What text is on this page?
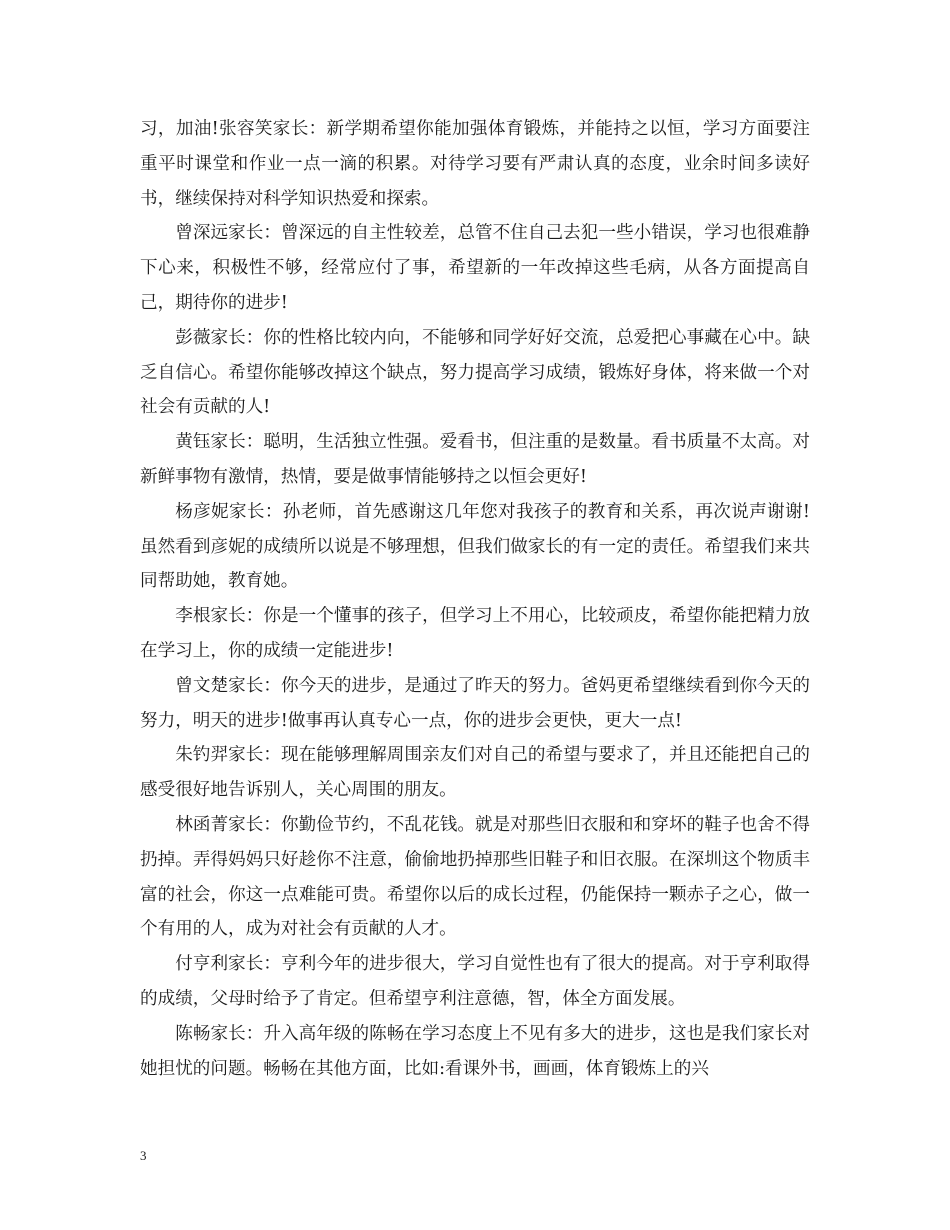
习，加油!张容笑家长：新学期希望你能加强体育锻炼，并能持之以恒，学习方面要注重平时课堂和作业一点一滴的积累。对待学习要有严肃认真的态度，业余时间多读好书，继续保持对科学知识热爱和探索。

曾深远家长：曾深远的自主性较差，总管不住自己去犯一些小错误，学习也很难静下心来，积极性不够，经常应付了事，希望新的一年改掉这些毛病，从各方面提高自己，期待你的进步!

彭薇家长：你的性格比较内向，不能够和同学好好交流，总爱把心事藏在心中。缺乏自信心。希望你能够改掉这个缺点，努力提高学习成绩，锻炼好身体，将来做一个对社会有贡献的人!

黄钰家长：聪明，生活独立性强。爱看书，但注重的是数量。看书质量不太高。对新鲜事物有激情，热情，要是做事情能够持之以恒会更好!

杨彦妮家长：孙老师，首先感谢这几年您对我孩子的教育和关系，再次说声谢谢!虽然看到彦妮的成绩所以说是不够理想，但我们做家长的有一定的责任。希望我们来共同帮助她，教育她。

李根家长：你是一个懂事的孩子，但学习上不用心，比较顽皮，希望你能把精力放在学习上，你的成绩一定能进步!

曾文楚家长：你今天的进步，是通过了昨天的努力。爸妈更希望继续看到你今天的努力，明天的进步!做事再认真专心一点，你的进步会更快，更大一点!

朱钓羿家长：现在能够理解周围亲友们对自己的希望与要求了，并且还能把自己的感受很好地告诉别人，关心周围的朋友。

林函菁家长：你勤俭节约，不乱花钱。就是对那些旧衣服和和穿坏的鞋子也舍不得扔掉。弄得妈妈只好趁你不注意，偷偷地扔掉那些旧鞋子和旧衣服。在深圳这个物质丰富的社会，你这一点难能可贵。希望你以后的成长过程，仍能保持一颗赤子之心，做一个有用的人，成为对社会有贡献的人才。

付亨利家长：亨利今年的进步很大，学习自觉性也有了很大的提高。对于亨利取得的成绩，父母时给予了肯定。但希望亨利注意德，智，体全方面发展。

陈畅家长：升入高年级的陈畅在学习态度上不见有多大的进步，这也是我们家长对她担忧的问题。畅畅在其他方面，比如:看课外书，画画，体育锻炼上的兴

3
